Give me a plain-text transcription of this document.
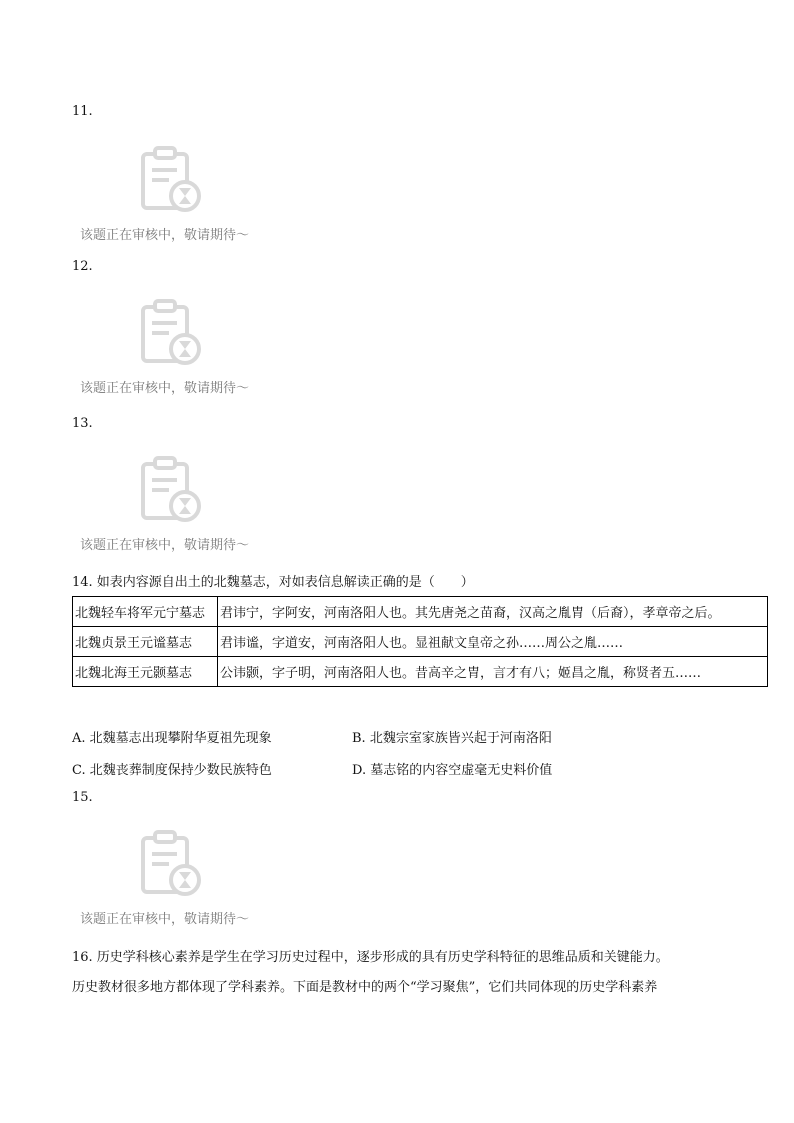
11.
该题正在审核中，敬请期待～
12.
该题正在审核中，敬请期待～
13.
该题正在审核中，敬请期待～
14. 如表内容源自出土的北魏墓志，对如表信息解读正确的是（　　）
北魏轻车将军元宁墓志	君讳宁，字阿安，河南洛阳人也。其先唐尧之苗裔，汉高之胤胄（后裔），孝章帝之后。
北魏贞景王元谧墓志	君讳谧，字道安，河南洛阳人也。显祖献文皇帝之孙……周公之胤……
北魏北海王元颢墓志	公讳颢，字子明，河南洛阳人也。昔高辛之胄，言才有八；姬昌之胤，称贤者五……
A. 北魏墓志出现攀附华夏祖先现象	B. 北魏宗室家族皆兴起于河南洛阳
C. 北魏丧葬制度保持少数民族特色	D. 墓志铭的内容空虚毫无史料价值
15.
该题正在审核中，敬请期待～
16. 历史学科核心素养是学生在学习历史过程中，逐步形成的具有历史学科特征的思维品质和关键能力。
历史教材很多地方都体现了学科素养。下面是教材中的两个“学习聚焦”，它们共同体现的历史学科素养
